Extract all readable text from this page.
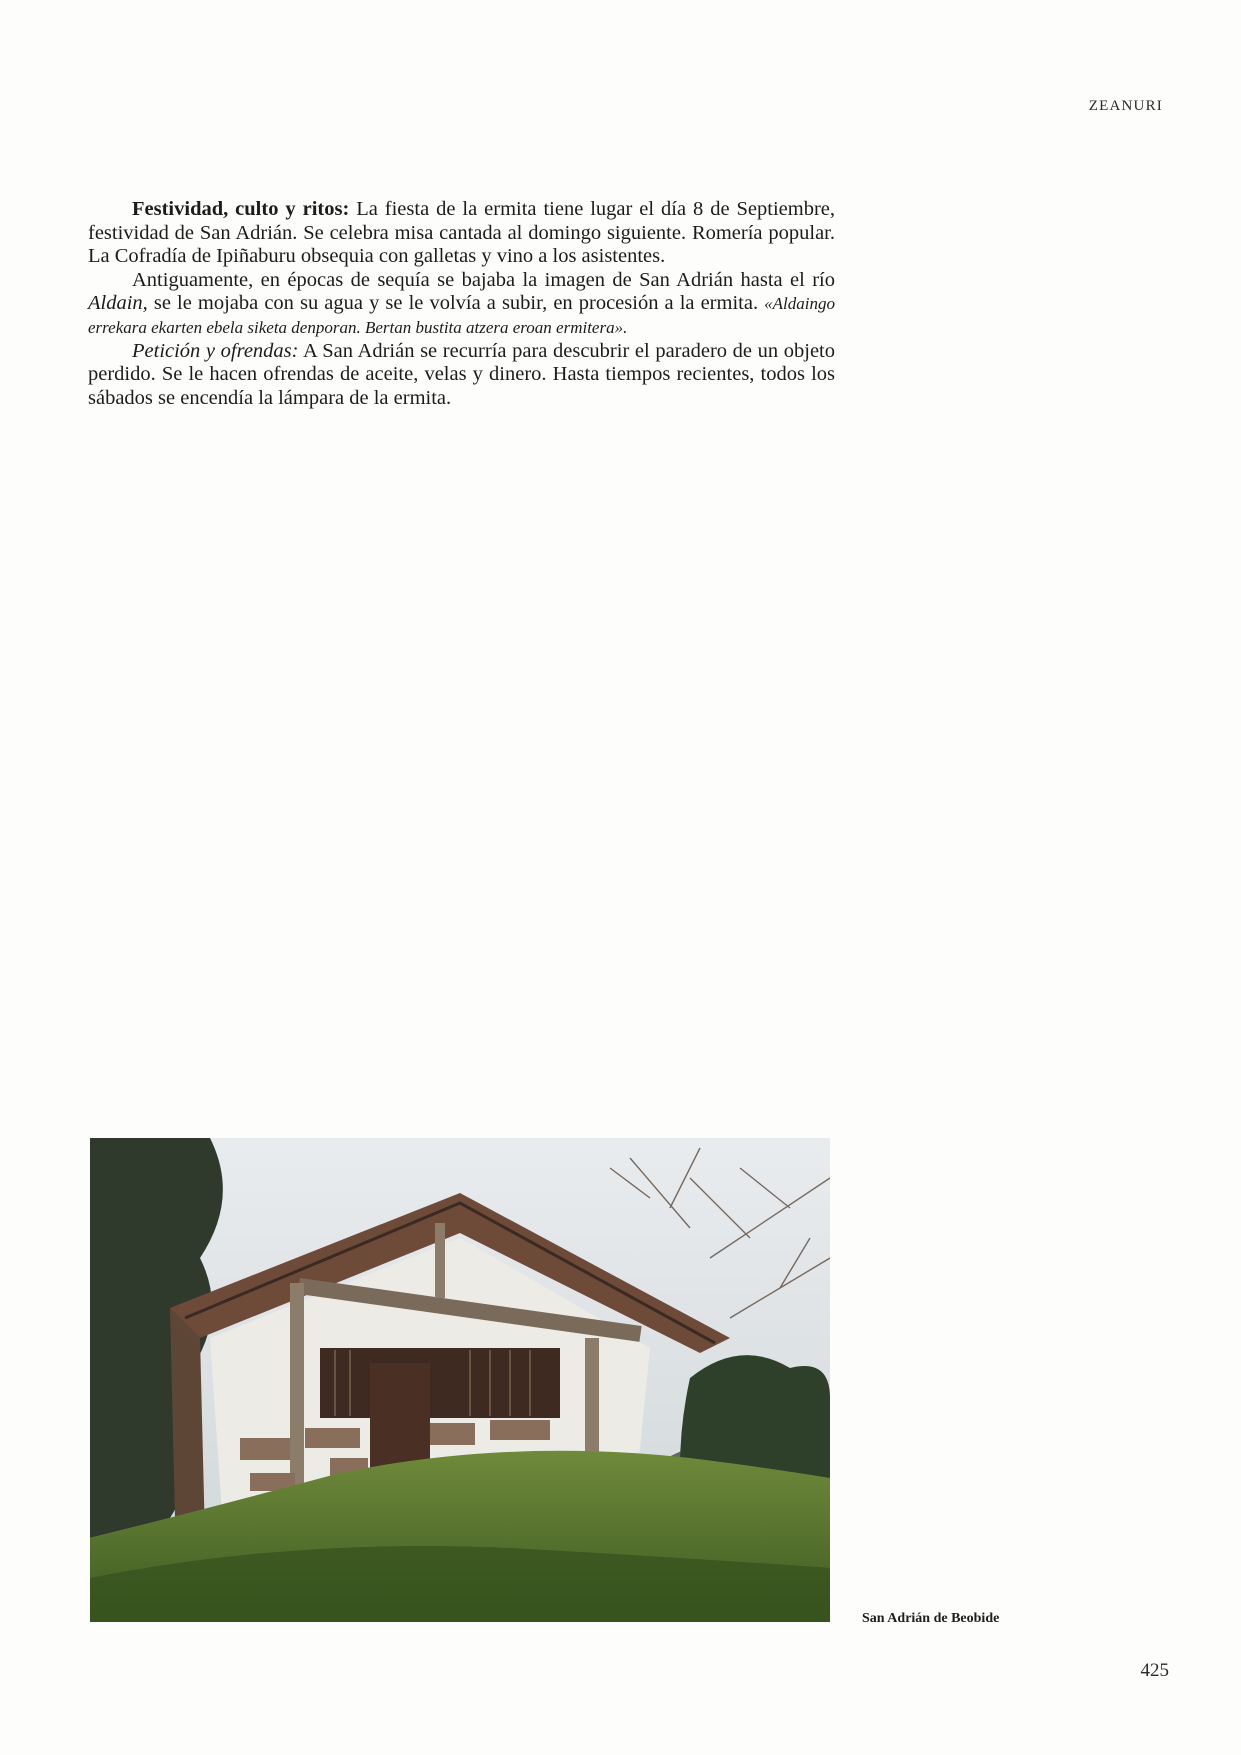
ZEANURI

Festividad, culto y ritos: La fiesta de la ermita tiene lugar el día 8 de Septiembre, festividad de San Adrián. Se celebra misa cantada al domingo siguiente. Romería popular. La Cofradía de Ipiñaburu obsequia con galletas y vino a los asistentes.

Antiguamente, en épocas de sequía se bajaba la imagen de San Adrián hasta el río Aldain, se le mojaba con su agua y se le volvía a subir, en procesión a la ermita. «Aldaingo errekara ekarten ebela siketa denporan. Bertan bustita atzera eroan ermitera».

Petición y ofrendas: A San Adrián se recurría para descubrir el paradero de un objeto perdido. Se le hacen ofrendas de aceite, velas y dinero. Hasta tiempos recientes, todos los sábados se encendía la lámpara de la ermita.

San Adrián de Beobide
425
